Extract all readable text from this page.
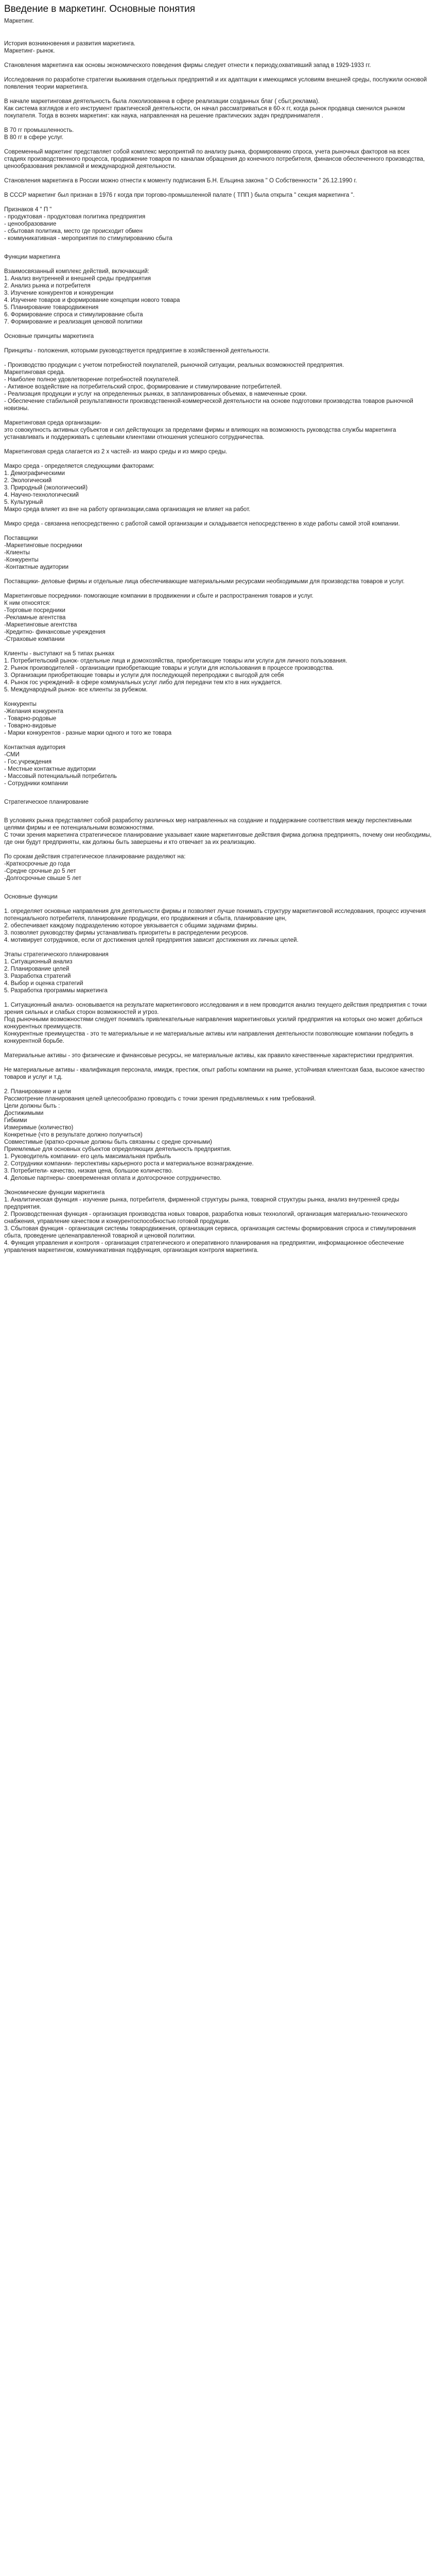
Введение в маркетинг. Основные понятия
Маркетинг.
История возникновения и развития маркетинга.
Маркетинг- рынок.
Становления маркетинга как основы экономического поведения фирмы следует отнести к периоду,охвативший запад в 1929-1933 гг.
Исследования по разработке стратегии выживания отдельных предприятий и их адаптации к имеющимся условиям внешней среды, послужили основой появления теории маркетинга.
В начале маркетинговая деятельность была локолизованна в сфере реализации созданных благ ( сбыт,реклама).
Как система взглядов и его инструмент практической деятельности, он начал рассматриваться в 60-х гг, когда рынок продавца сменился рынком покупателя. Тогда в вознях маркетинг: как наука, направленная на решение практических задач предпринимателя .
В 70 гг промышленность.
В 80 гг в сфере услуг.
Современный маркетинг представляет собой комплекс мероприятий по анализу рынка, формированию спроса, учета рыночных факторов на всех стадиях производственного процесса, продвижение товаров по каналам обращения до конечного потребителя, финансов обеспеченного производства, ценообразования рекламной и международной деятельности.
Становления маркетинга в России можно отнести к моменту подписания Б.Н. Ельцина закона " О Собственности " 26.12.1990 г.
В СССР маркетинг был признан в 1976 г когда при торгово-промышленной палате ( ТПП ) была открыта " секция маркетинга ".
Признаков 4 " П "
- продуктовая - продуктовая политика предприятия
- ценообразование
- сбытовая политика, место где происходит обмен
- коммуникативная - мероприятия по стимулированию сбыта
Функции маркетинга
Взаимосвязанный комплекс действий, включающий:
1. Анализ внутренней и внешней среды предприятия
2. Анализ рынка и потребителя
3. Изучение конкурентов и конкуренции
4. Изучение товаров и формирование концепции нового товара
5. Планирование товародвижения
6. Формирование спроса и стимулирование сбыта
7. Формирование и реализация ценовой политики
Основные принципы маркетинга
Принципы - положения, которыми руководствуется предприятие в хозяйственной деятельности.
- Производство продукции с учетом потребностей покупателей, рыночной ситуации, реальных возможностей предприятия.
Маркетинговая среда.
- Наиболее полное удовлетворение потребностей покупателей.
- Активное воздействие на потребительский спрос, формирование и стимулирование потребителей.
- Реализация продукции и услуг на определенных рынках, в запланированных объемах, в намеченные сроки.
- Обеспечение стабильной результативности производственной-коммерческой деятельности на основе подготовки производства товаров рыночной новизны.
Маркетинговая среда организации-
это совокупность активных субъектов и сил действующих за пределами фирмы и влияющих на возможность руководства службы маркетинга устанавливать и поддерживать с целевыми клиентами отношения успешного сотрудничества.
Маркетинговая среда слагается из 2 х частей- из макро среды и из микро среды.
Макро среда - определяется следующими факторами:
1. Демографическими
2. Экологический
3. Природный (экологический)
4. Научно-технологический
5. Культурный
Макро среда влияет из вне на работу организации,сама организация не влияет на работ.
Микро среда - связанна непосредственно с работой самой организации и складывается непосредственно в ходе работы самой этой компании.
Поставщики
-Маркетинговые посредники
-Клиенты
-Конкуренты
-Контактные аудитории
Поставщики- деловые фирмы и отдельные лица обеспечивающие материальными ресурсами необходимыми для производства товаров и услуг.
Маркетинговые посредники- помогающие компании в продвижении и сбыте и распространения товаров и услуг.
К ним относятся:
-Торговые посредники
-Рекламные агентства
-Маркетинговые агентства
-Кредитно- финансовые учреждения
-Страховые компании
Клиенты - выступают на 5 типах рынках
1. Потребительский рынок- отдельные лица и домохозяйства, приобретающие товары или услуги для личного пользования.
2. Рынок производителей - организации приобретающие товары и услуги для использования в процессе производства.
3. Организации приобретающие товары и услуги для последующей перепродажи с выгодой для себя
4. Рынок гос учреждений- в сфере коммунальных услуг либо для передачи тем кто в них нуждается.
5. Международный рынок- все клиенты за рубежом.
Конкуренты
-Желания конкурента
- Товарно-родовые
- Товарно-видовые
- Марки конкурентов - разные марки одного и того же товара
Контактная аудитория
-СМИ
- Гос.учреждения
- Местные контактные аудитории
- Массовый потенциальный потребитель
- Сотрудники компании
Стратегическое планирование
В условиях рынка представляет собой разработку различных мер направленных на создание и поддержание соответствия между перспективными целями фирмы и ее потенциальными возможностями.
С точки зрения маркетинга стратегическое планирование указывает какие маркетинговые действия фирма должна предпринять, почему они необходимы, где они будут предприняты, как должны быть завершены и кто отвечает за их реализацию.
По срокам действия стратегическое планирование разделяют на:
-Краткосрочные до года
-Средне срочные до 5 лет
-Долгосрочные свыше 5 лет
Основные функции
1. определяет основные направления для деятельности фирмы и позволяет лучше понимать структуру маркетинговой исследования, процесс изучения потенциального потребителя, планирование продукции, его продвижения и сбыта, планирование цен,
2. обеспечивает каждому подразделению которое увязывается с общими задачами фирмы.
3. позволяет руководству фирмы устанавливать приоритеты в распределении ресурсов.
4. мотивирует сотрудников, если от достижения целей предприятия зависит достижения их личных целей.
Этапы стратегического планирования
1. Ситуационный анализ
2. Планирование целей
3. Разработка стратегий
4. Выбор и оценка стратегий
5. Разработка программы маркетинга
1. Ситуационный анализ- основывается на результате маркетингового исследования и в нем проводится анализ текущего действия предприятия с точки зрения сильных и слабых сторон возможностей и угроз.
Под рыночными возможностями следует понимать привлекательные направления маркетинговых усилий предприятия на которых оно может добиться конкурентных преимуществ.
Конкурентные преимущества - это те материальные и не материальные активы или направления деятельности позволяющие компании победить в конкурентной борьбе.
Материальные активы - это физические и финансовые ресурсы, не материальные активы, как правило качественные характеристики предприятия.
Не материальные активы - квалификация персонала, имидж, престиж, опыт работы компании на рынке, устойчивая клиентская база, высокое качество товаров и услуг и т.д.
2. Планирование и цели
Рассмотрение планирования целей целесообразно проводить с точки зрения предъявляемых к ним требований.
Цели должны быть :
Достижимыми
Гибкими
Измеримые (количество)
Конкретные (что в результате должно получиться)
Совместимые (кратко-срочные должны быть связанны с средне срочными)
Приемлемые для основных субъектов определяющих деятельность предприятия.
1. Руководитель компании- его цель максимальная прибыль
2. Сотрудники компании- перспективы карьерного роста и материальное вознаграждение.
3. Потребители- качество, низкая цена, большое количество.
4. Деловые партнеры- своевременная оплата и долгосрочное сотрудничество.
Экономические функции маркетинга
1. Аналитическая функция - изучение рынка, потребителя, фирменной структуры рынка, товарной структуры рынка, анализ внутренней среды предприятия.
2. Производственная функция - организация производства новых товаров, разработка новых технологий, организация материально-технического снабжения, управление качеством и конкурентоспособностью готовой продукции.
3. Сбытовая функция - организация системы товародвижения, организация сервиса, организация системы формирования спроса и стимулирования сбыта, проведение целенаправленной товарной и ценовой политики.
4. Функция управления и контроля - организация стратегического и оперативного планирования на предприятии, информационное обеспечение управления маркетингом, коммуникативная подфункция, организация контроля маркетинга.
